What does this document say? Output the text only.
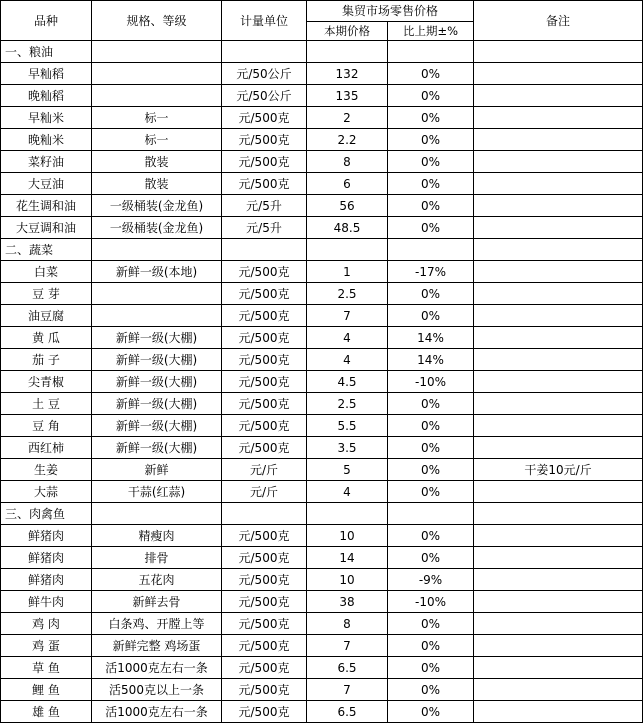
品种	规格、等级	计量单位	集贸市场零售价格		备注
			本期价格	比上期±%	
一、粮油					
早籼稻		元/50公斤	132	0%	
晚籼稻		元/50公斤	135	0%	
早籼米	标一	元/500克	2	0%	
晚籼米	标一	元/500克	2.2	0%	
菜籽油	散装	元/500克	8	0%	
大豆油	散装	元/500克	6	0%	
花生调和油	一级桶装(金龙鱼)	元/5升	56	0%	
大豆调和油	一级桶装(金龙鱼)	元/5升	48.5	0%	
二、蔬菜					
白菜	新鲜一级(本地)	元/500克	1	-17%	
豆 芽		元/500克	2.5	0%	
油豆腐		元/500克	7	0%	
黄 瓜	新鲜一级(大棚)	元/500克	4	14%	
茄 子	新鲜一级(大棚)	元/500克	4	14%	
尖青椒	新鲜一级(大棚)	元/500克	4.5	-10%	
土 豆	新鲜一级(大棚)	元/500克	2.5	0%	
豆 角	新鲜一级(大棚)	元/500克	5.5	0%	
西红柿	新鲜一级(大棚)	元/500克	3.5	0%	
生姜	新鲜	元/斤	5	0%	干姜10元/斤
大蒜	干蒜(红蒜)	元/斤	4	0%	
三、肉禽鱼					
鲜猪肉	精瘦肉	元/500克	10	0%	
鲜猪肉	排骨	元/500克	14	0%	
鲜猪肉	五花肉	元/500克	10	-9%	
鲜牛肉	新鲜去骨	元/500克	38	-10%	
鸡 肉	白条鸡、开膛上等	元/500克	8	0%	
鸡 蛋	新鲜完整 鸡场蛋	元/500克	7	0%	
草 鱼	活1000克左右一条	元/500克	6.5	0%	
鲤 鱼	活500克以上一条	元/500克	7	0%	
雄 鱼	活1000克左右一条	元/500克	6.5	0%	
